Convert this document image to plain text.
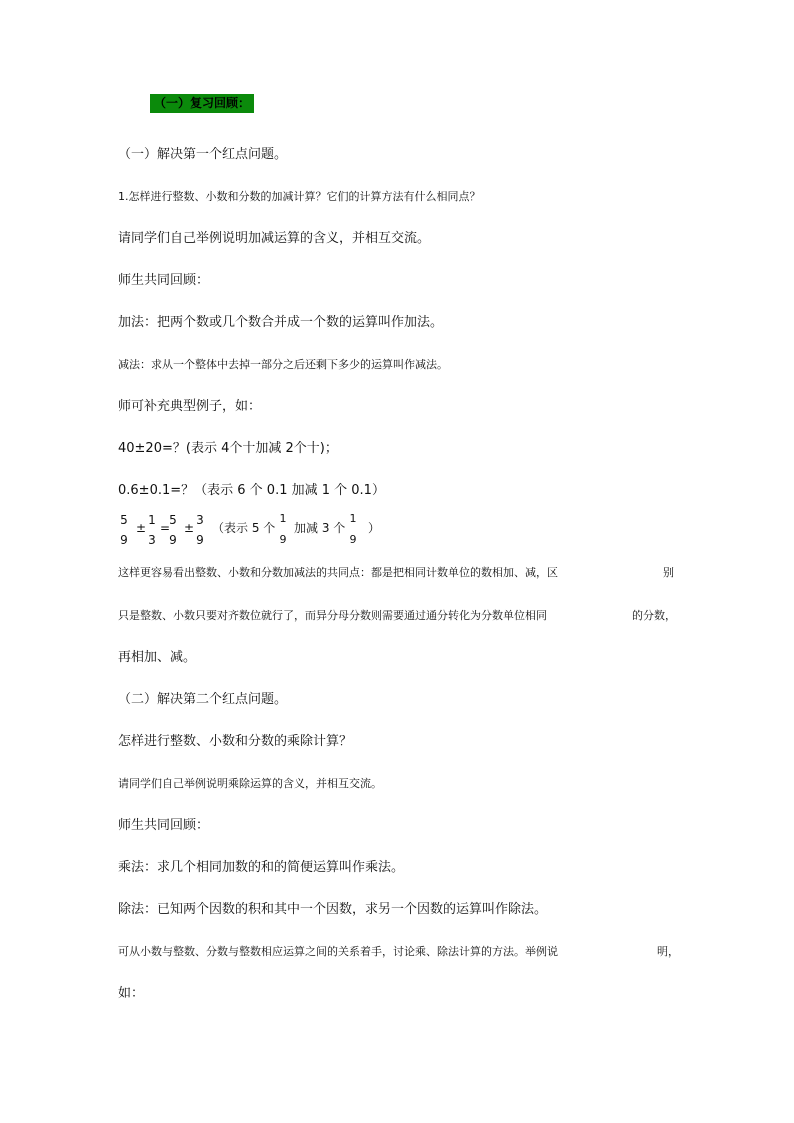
（一）复习回顾：
（一）解决第一个红点问题。
1.怎样进行整数、小数和分数的加减计算？它们的计算方法有什么相同点？
请同学们自己举例说明加减运算的含义，并相互交流。
师生共同回顾：
加法：把两个数或几个数合并成一个数的运算叫作加法。
减法：求从一个整体中去掉一部分之后还剩下多少的运算叫作减法。
师可补充典型例子，如：
40±20=？(表示 4个十加减 2个十)；
0.6±0.1=？（表示 6 个 0.1 加减 1 个 0.1）
5
9
±
1
3
=
5
9
±
3
9
（表示 5 个
1
9
加减 3 个
1
9
）
这样更容易看出整数、小数和分数加减法的共同点：都是把相同计数单位的数相加、减，区	别
只是整数、小数只要对齐数位就行了，而异分母分数则需要通过通分转化为分数单位相同	的分数，
再相加、减。
（二）解决第二个红点问题。
怎样进行整数、小数和分数的乘除计算？
请同学们自己举例说明乘除运算的含义，并相互交流。
师生共同回顾：
乘法：求几个相同加数的和的简便运算叫作乘法。
除法：已知两个因数的积和其中一个因数，求另一个因数的运算叫作除法。
可从小数与整数、分数与整数相应运算之间的关系着手，讨论乘、除法计算的方法。举例说	明，
如：
